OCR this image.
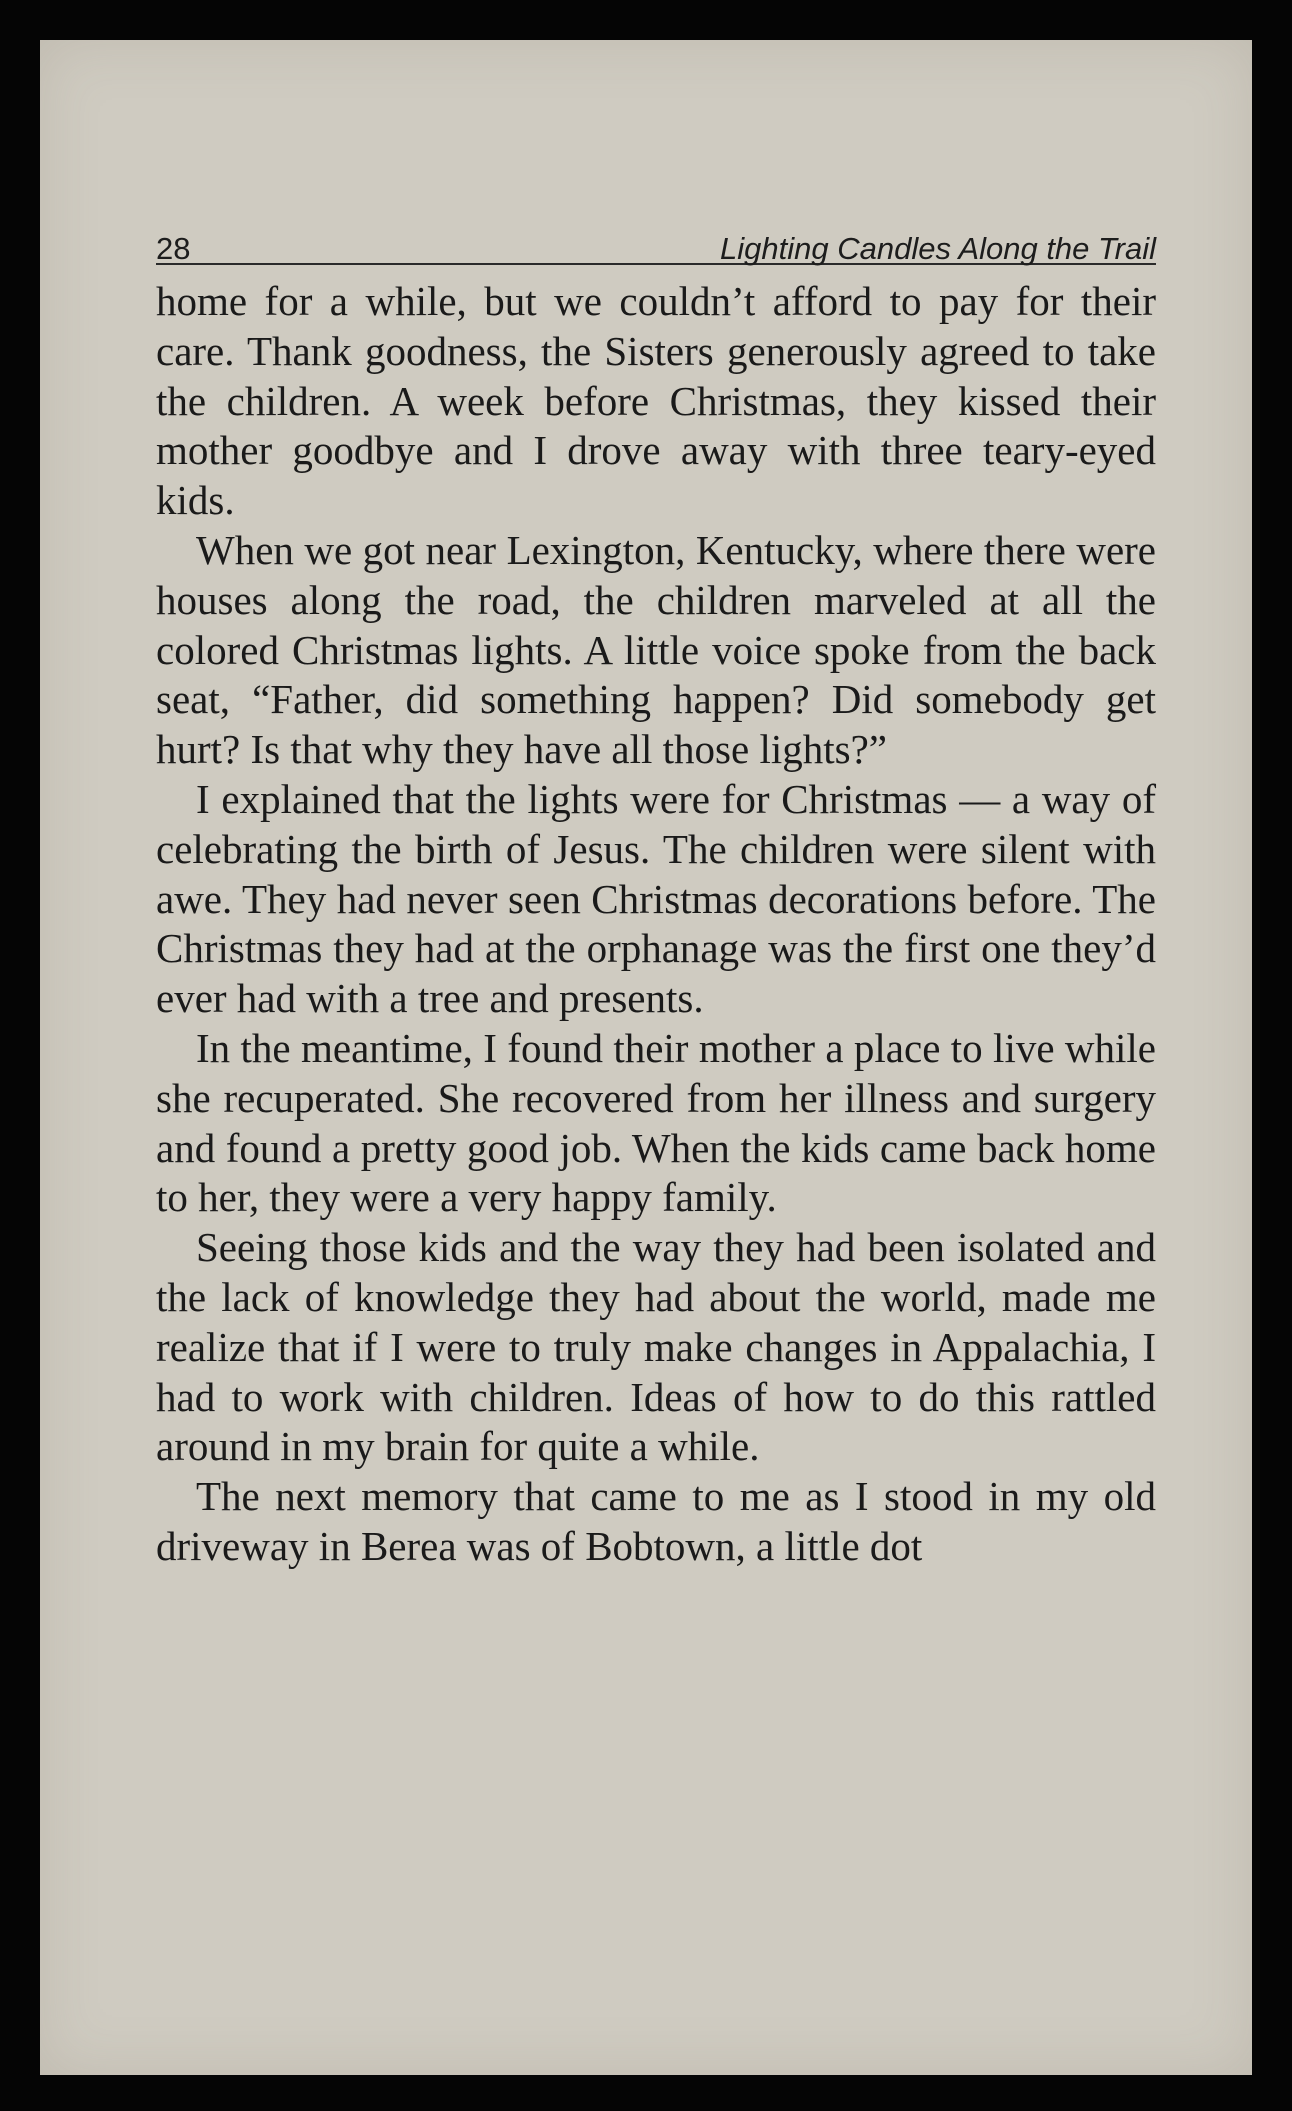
28	Lighting Candles Along the Trail

home for a while, but we couldn’t afford to pay for their care. Thank goodness, the Sisters generously agreed to take the children. A week before Christmas, they kissed their mother goodbye and I drove away with three teary-eyed kids.

When we got near Lexington, Kentucky, where there were houses along the road, the children marveled at all the colored Christmas lights. A little voice spoke from the back seat, “Father, did something happen? Did somebody get hurt? Is that why they have all those lights?”

I explained that the lights were for Christmas — a way of celebrating the birth of Jesus. The children were silent with awe. They had never seen Christmas decorations before. The Christmas they had at the orphanage was the first one they’d ever had with a tree and presents.

In the meantime, I found their mother a place to live while she recuperated. She recovered from her illness and surgery and found a pretty good job. When the kids came back home to her, they were a very happy family.

Seeing those kids and the way they had been isolated and the lack of knowledge they had about the world, made me realize that if I were to truly make changes in Appalachia, I had to work with children. Ideas of how to do this rattled around in my brain for quite a while.

The next memory that came to me as I stood in my old driveway in Berea was of Bobtown, a little dot
